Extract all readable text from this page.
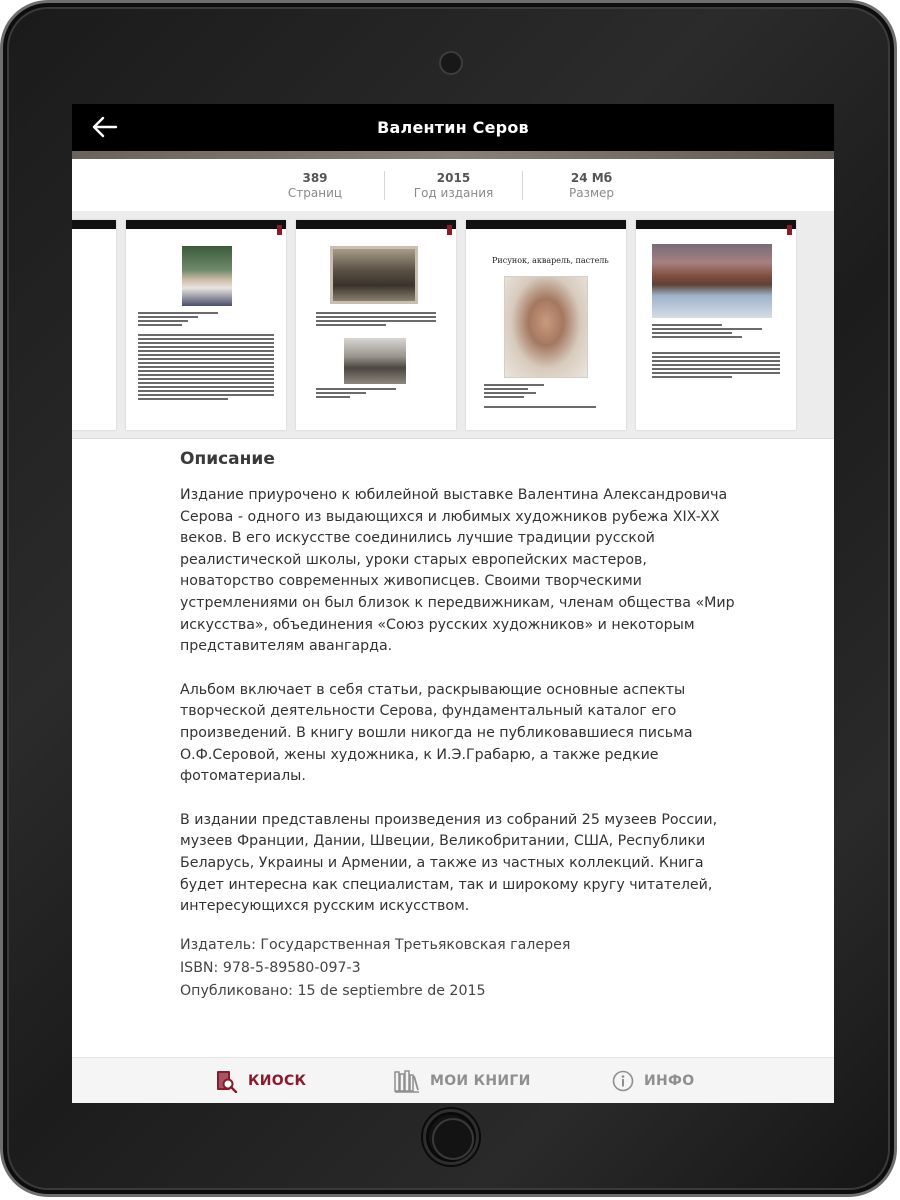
Валентин Серов
389
Страниц
2015
Год издания
24 Мб
Размер
Рисунок, акварель, пастель
Описание

Издание приурочено к юбилейной выставке Валентина Александровича Серова - одного из выдающихся и любимых художников рубежа XIX-XX веков. В его искусстве соединились лучшие традиции русской реалистической школы, уроки старых европейских мастеров, новаторство современных живописцев. Своими творческими устремлениями он был близок к передвижникам, членам общества «Мир искусства», объединения «Союз русских художников» и некоторым представителям авангарда.

Альбом включает в себя статьи, раскрывающие основные аспекты творческой деятельности Серова, фундаментальный каталог его произведений. В книгу вошли никогда не публиковавшиеся письма О.Ф.Серовой, жены художника, к И.Э.Грабарю, а также редкие фотоматериалы.

В издании представлены произведения из собраний 25 музеев России, музеев Франции, Дании, Швеции, Великобритании, США, Республики Беларусь, Украины и Армении, а также из частных коллекций. Книга будет интересна как специалистам, так и широкому кругу читателей, интересующихся русским искусством.

Издатель: Государственная Третьяковская галерея
ISBN: 978-5-89580-097-3
Опубликовано: 15 de septiembre de 2015
КИОСК	МОИ КНИГИ	ИНФО
